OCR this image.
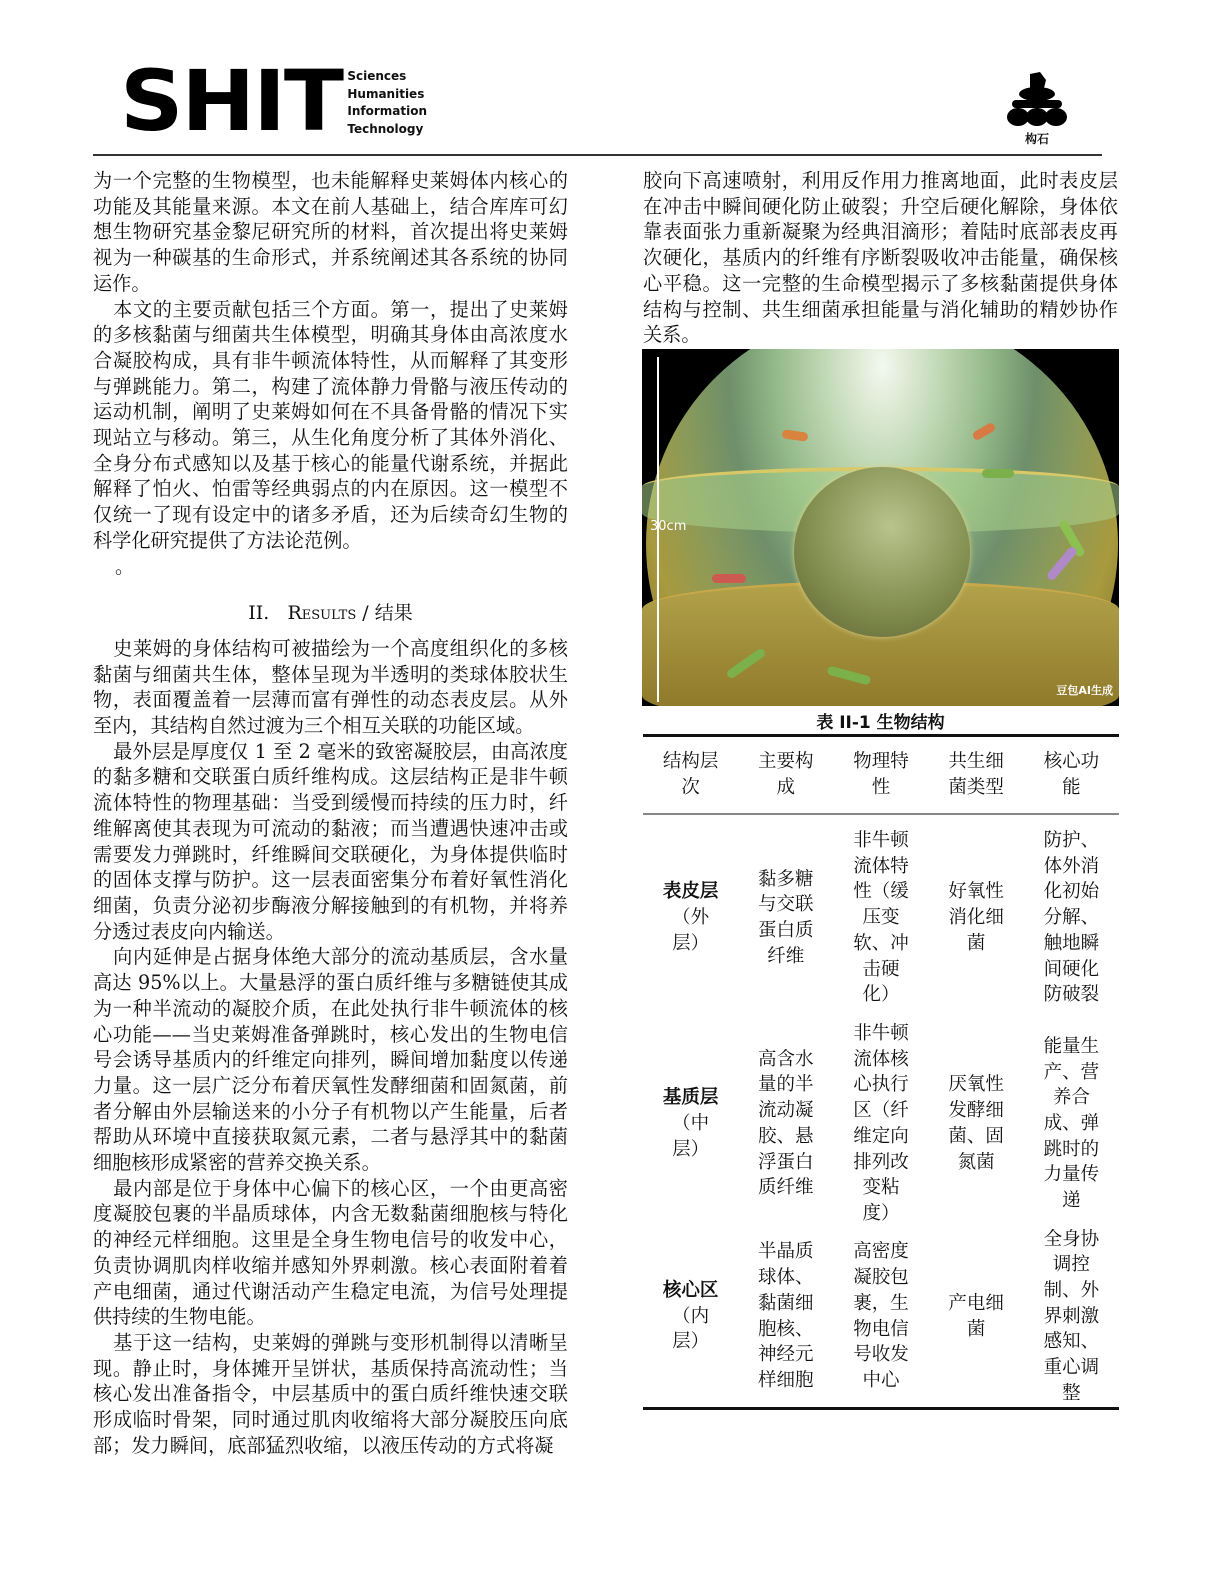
SHIT Sciences
Humanities
Information
Technology
构石

为一个完整的生物模型，也未能解释史莱姆体内核心的功能及其能量来源。本文在前人基础上，结合库库可幻想生物研究基金黎尼研究所的材料，首次提出将史莱姆视为一种碳基的生命形式，并系统阐述其各系统的协同运作。

本文的主要贡献包括三个方面。第一，提出了史莱姆的多核黏菌与细菌共生体模型，明确其身体由高浓度水合凝胶构成，具有非牛顿流体特性，从而解释了其变形与弹跳能力。第二，构建了流体静力骨骼与液压传动的运动机制，阐明了史莱姆如何在不具备骨骼的情况下实现站立与移动。第三，从生化角度分析了其体外消化、全身分布式感知以及基于核心的能量代谢系统，并据此解释了怕火、怕雷等经典弱点的内在原因。这一模型不仅统一了现有设定中的诸多矛盾，还为后续奇幻生物的科学化研究提供了方法论范例。

。

II. Results / 结果

史莱姆的身体结构可被描绘为一个高度组织化的多核黏菌与细菌共生体，整体呈现为半透明的类球体胶状生物，表面覆盖着一层薄而富有弹性的动态表皮层。从外至内，其结构自然过渡为三个相互关联的功能区域。

最外层是厚度仅 1 至 2 毫米的致密凝胶层，由高浓度的黏多糖和交联蛋白质纤维构成。这层结构正是非牛顿流体特性的物理基础：当受到缓慢而持续的压力时，纤维解离使其表现为可流动的黏液；而当遭遇快速冲击或需要发力弹跳时，纤维瞬间交联硬化，为身体提供临时的固体支撑与防护。这一层表面密集分布着好氧性消化细菌，负责分泌初步酶液分解接触到的有机物，并将养分透过表皮向内输送。

向内延伸是占据身体绝大部分的流动基质层，含水量高达 95%以上。大量悬浮的蛋白质纤维与多糖链使其成为一种半流动的凝胶介质，在此处执行非牛顿流体的核心功能——当史莱姆准备弹跳时，核心发出的生物电信号会诱导基质内的纤维定向排列，瞬间增加黏度以传递力量。这一层广泛分布着厌氧性发酵细菌和固氮菌，前者分解由外层输送来的小分子有机物以产生能量，后者帮助从环境中直接获取氮元素，二者与悬浮其中的黏菌细胞核形成紧密的营养交换关系。

最内部是位于身体中心偏下的核心区，一个由更高密度凝胶包裹的半晶质球体，内含无数黏菌细胞核与特化的神经元样细胞。这里是全身生物电信号的收发中心，负责协调肌肉样收缩并感知外界刺激。核心表面附着着产电细菌，通过代谢活动产生稳定电流，为信号处理提供持续的生物电能。

基于这一结构，史莱姆的弹跳与变形机制得以清晰呈现。静止时，身体摊开呈饼状，基质保持高流动性；当核心发出准备指令，中层基质中的蛋白质纤维快速交联形成临时骨架，同时通过肌肉收缩将大部分凝胶压向底部；发力瞬间，底部猛烈收缩，以液压传动的方式将凝

胶向下高速喷射，利用反作用力推离地面，此时表皮层在冲击中瞬间硬化防止破裂；升空后硬化解除，身体依靠表面张力重新凝聚为经典泪滴形；着陆时底部表皮再次硬化，基质内的纤维有序断裂吸收冲击能量，确保核心平稳。这一完整的生命模型揭示了多核黏菌提供身体结构与控制、共生细菌承担能量与消化辅助的精妙协作关系。

30cm
豆包AI生成
表 II-1 生物结构
结构层次	主要构成	物理特性	共生细菌类型	核心功能
表皮层（外层）	黏多糖与交联蛋白质纤维	非牛顿流体特性（缓压变软、冲击硬化）	好氧性消化细菌	防护、体外消化初始分解、触地瞬间硬化防破裂
基质层（中层）	高含水量的半流动凝胶、悬浮蛋白质纤维	非牛顿流体核心执行区（纤维定向排列改变粘度）	厌氧性发酵细菌、固氮菌	能量生产、营养合成、弹跳时的力量传递
核心区（内层）	半晶质球体、黏菌细胞核、神经元样细胞	高密度凝胶包裹，生物电信号收发中心	产电细菌	全身协调控制、外界刺激感知、重心调整
